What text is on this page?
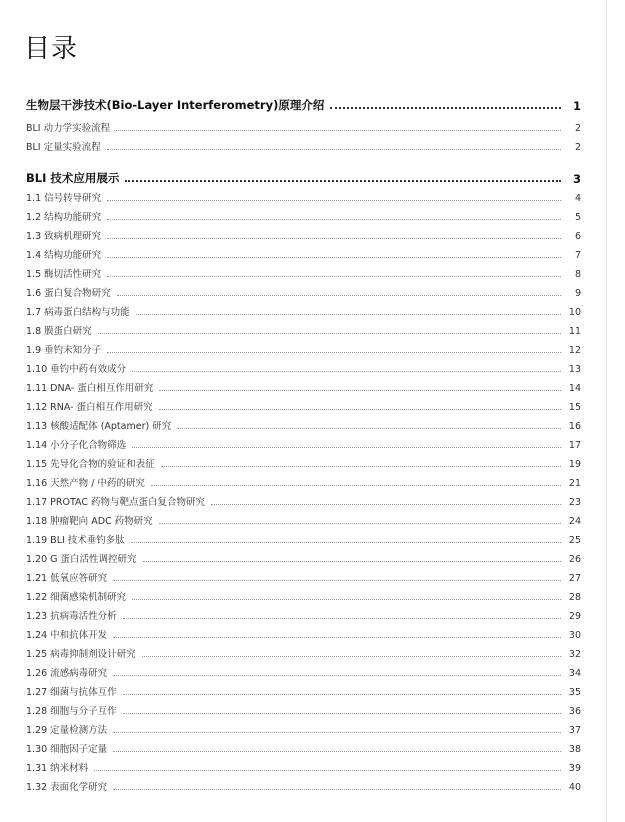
目录
生物层干涉技术(Bio-Layer Interferometry)原理介绍	1
BLI 动力学实验流程	2
BLI 定量实验流程	2
BLI 技术应用展示	3
1.1 信号转导研究	4
1.2 结构功能研究	5
1.3 致病机理研究	6
1.4 结构功能研究	7
1.5 酶切活性研究	8
1.6 蛋白复合物研究	9
1.7 病毒蛋白结构与功能	10
1.8 膜蛋白研究	11
1.9 垂钓未知分子	12
1.10 垂钓中药有效成分	13
1.11 DNA- 蛋白相互作用研究	14
1.12 RNA- 蛋白相互作用研究	15
1.13 核酸适配体 (Aptamer) 研究	16
1.14 小分子化合物筛选	17
1.15 先导化合物的验证和表征	19
1.16 天然产物 / 中药的研究	21
1.17 PROTAC 药物与靶点蛋白复合物研究	23
1.18 肿瘤靶向 ADC 药物研究	24
1.19 BLI 技术垂钓多肽	25
1.20 G 蛋白活性调控研究	26
1.21 低氧应答研究	27
1.22 细菌感染机制研究	28
1.23 抗病毒活性分析	29
1.24 中和抗体开发	30
1.25 病毒抑制剂设计研究	32
1.26 流感病毒研究	34
1.27 细菌与抗体互作	35
1.28 细胞与分子互作	36
1.29 定量检测方法	37
1.30 细胞因子定量	38
1.31 纳米材料	39
1.32 表面化学研究	40
